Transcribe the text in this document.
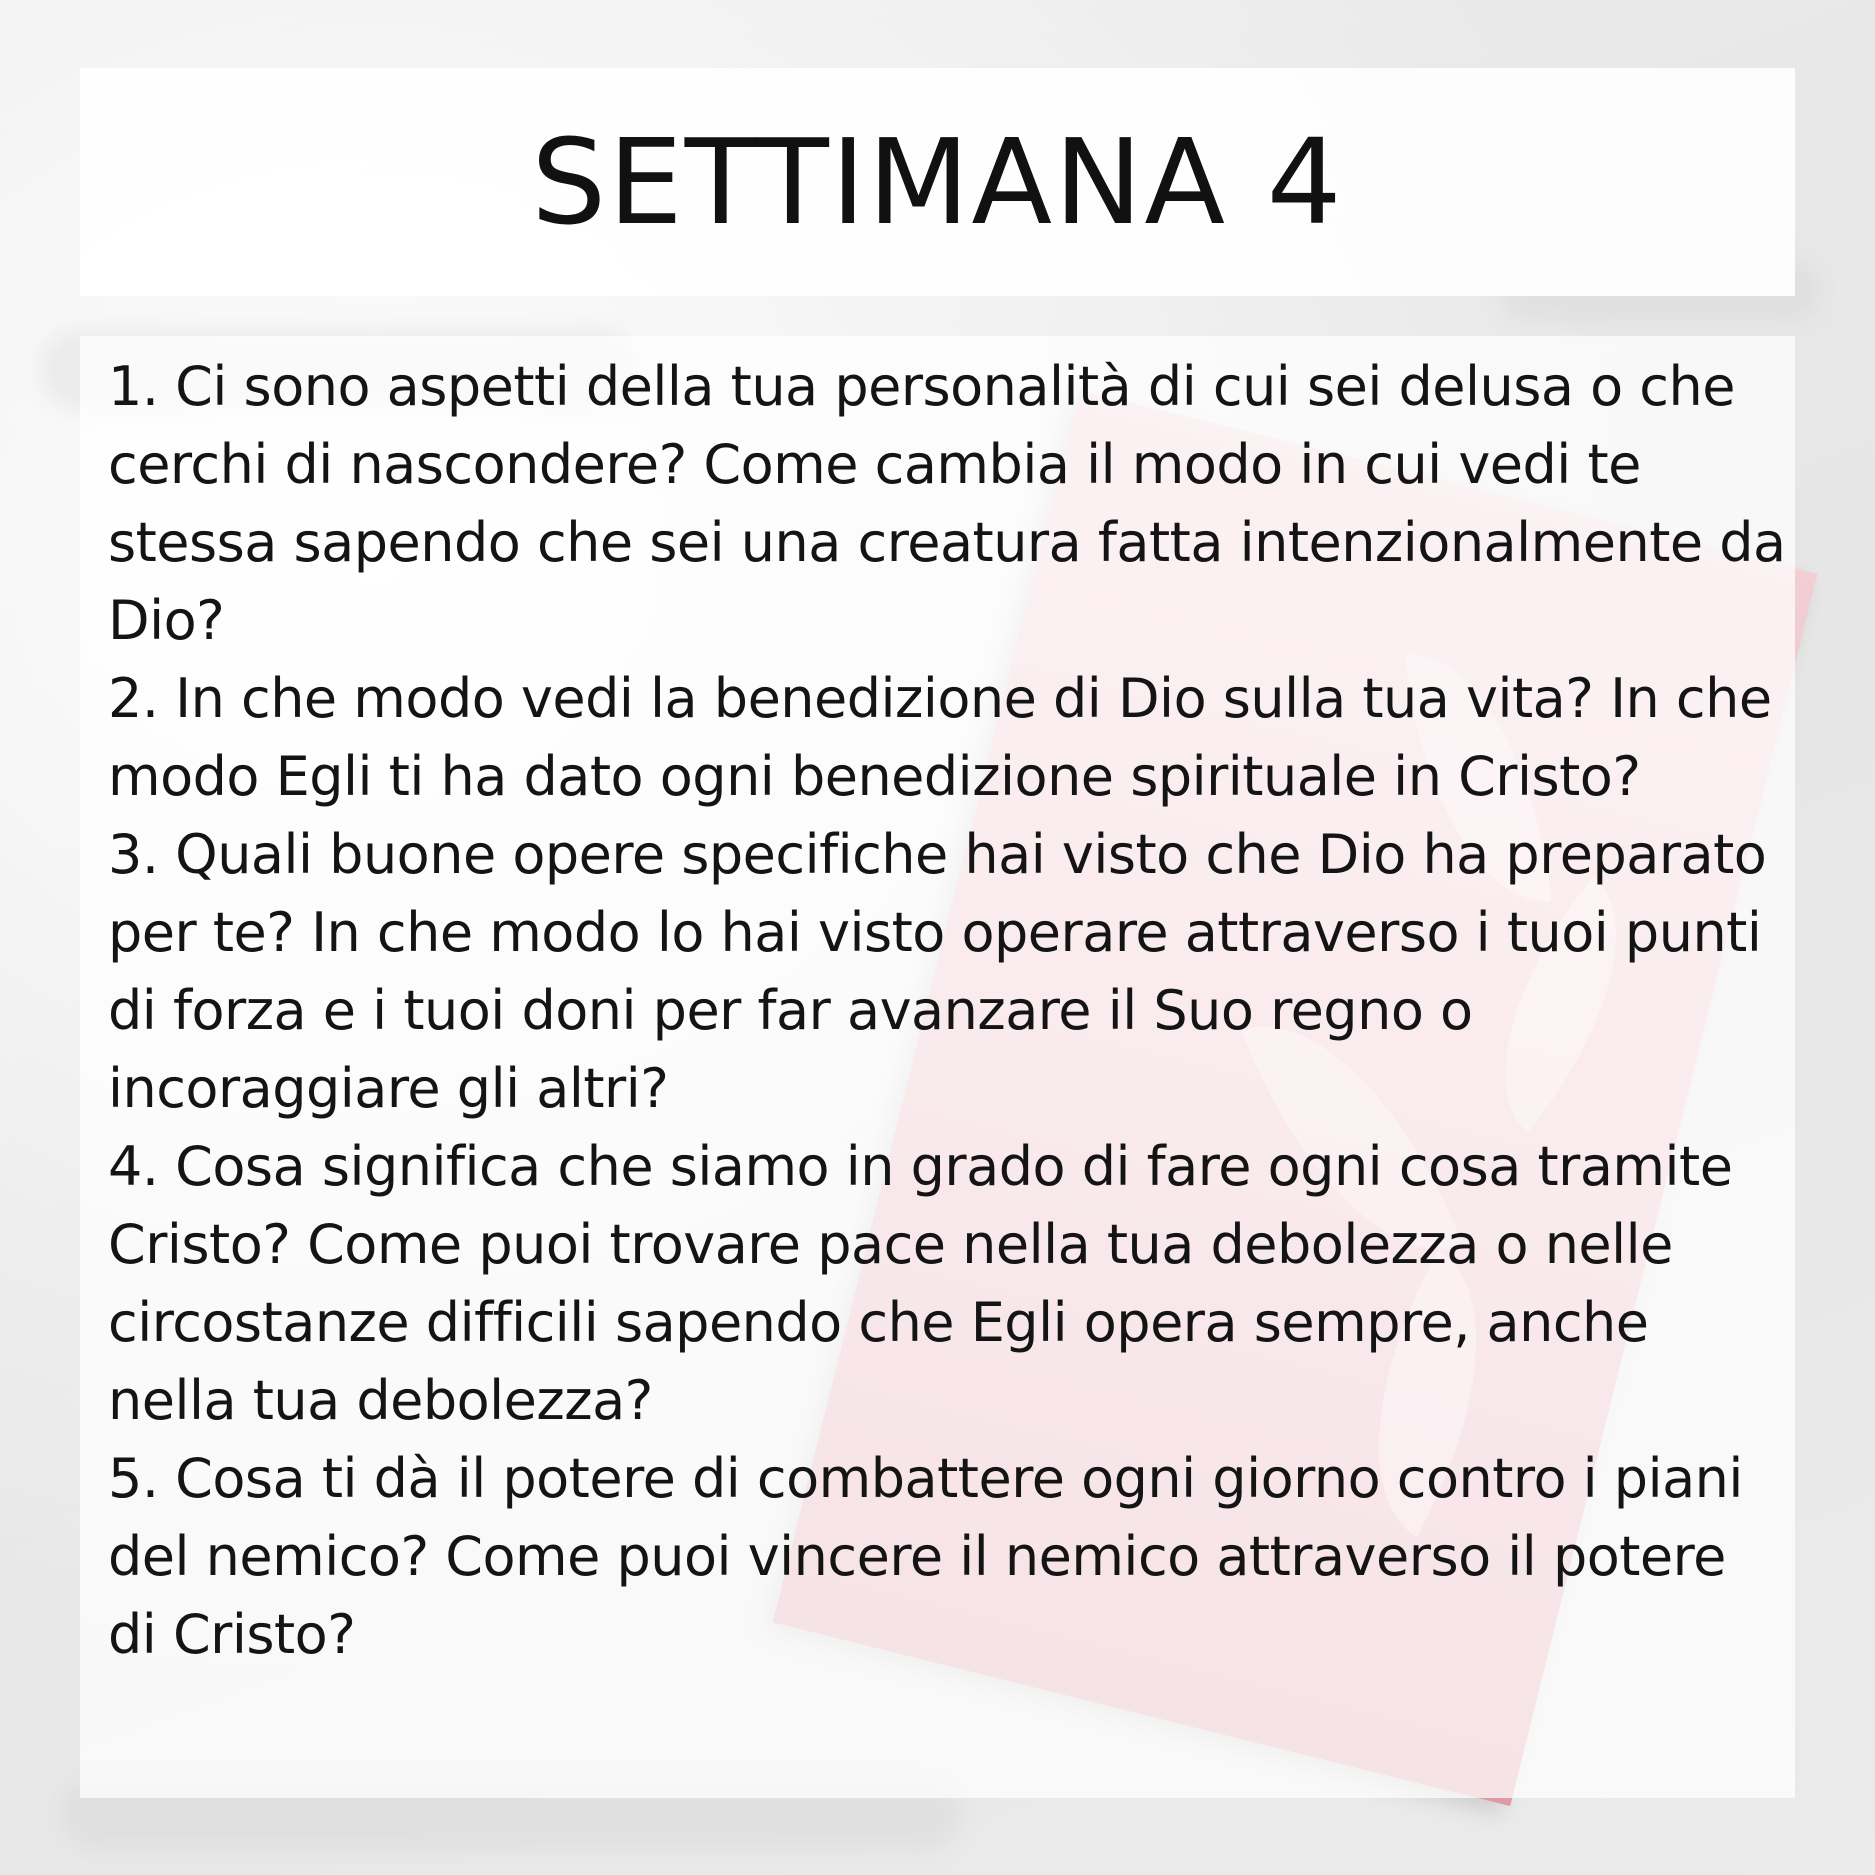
SETTIMANA 4
1. Ci sono aspetti della tua personalità di cui sei delusa o che cerchi di nascondere? Come cambia il modo in cui vedi te stessa sapendo che sei una creatura fatta intenzionalmente da Dio?
2. In che modo vedi la benedizione di Dio sulla tua vita? In che modo Egli ti ha dato ogni benedizione spirituale in Cristo?
3. Quali buone opere specifiche hai visto che Dio ha preparato per te? In che modo lo hai visto operare attraverso i tuoi punti di forza e i tuoi doni per far avanzare il Suo regno o incoraggiare gli altri?
4. Cosa significa che siamo in grado di fare ogni cosa tramite Cristo? Come puoi trovare pace nella tua debolezza o nelle circostanze difficili sapendo che Egli opera sempre, anche nella tua debolezza?
5. Cosa ti dà il potere di combattere ogni giorno contro i piani del nemico? Come puoi vincere il nemico attraverso il potere di Cristo?
